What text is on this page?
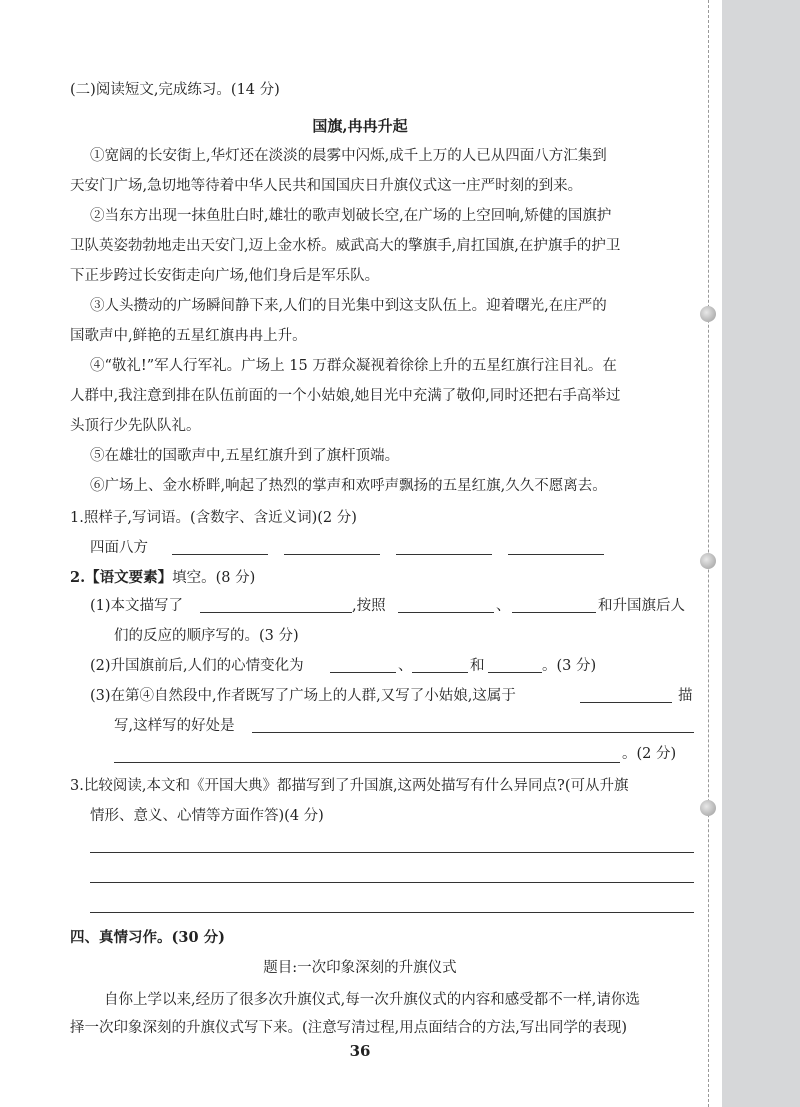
(二)阅读短文,完成练习。(14 分)
国旗,冉冉升起
①宽阔的长安街上,华灯还在淡淡的晨雾中闪烁,成千上万的人已从四面八方汇集到
天安门广场,急切地等待着中华人民共和国国庆日升旗仪式这一庄严时刻的到来。
②当东方出现一抹鱼肚白时,雄壮的歌声划破长空,在广场的上空回响,矫健的国旗护
卫队英姿勃勃地走出天安门,迈上金水桥。威武高大的擎旗手,肩扛国旗,在护旗手的护卫
下正步跨过长安街走向广场,他们身后是军乐队。
③人头攒动的广场瞬间静下来,人们的目光集中到这支队伍上。迎着曙光,在庄严的
国歌声中,鲜艳的五星红旗冉冉上升。
④“敬礼!”军人行军礼。广场上 15 万群众凝视着徐徐上升的五星红旗行注目礼。在
人群中,我注意到排在队伍前面的一个小姑娘,她目光中充满了敬仰,同时还把右手高举过
头顶行少先队队礼。
⑤在雄壮的国歌声中,五星红旗升到了旗杆顶端。
⑥广场上、金水桥畔,响起了热烈的掌声和欢呼声飘扬的五星红旗,久久不愿离去。
1.照样子,写词语。(含数字、含近义词)(2 分)
四面八方
2.【语文要素】填空。(8 分)
(1)本文描写了	,按照	、	和升国旗后人
们的反应的顺序写的。(3 分)
(2)升国旗前后,人们的心情变化为	、	和	。(3 分)
(3)在第④自然段中,作者既写了广场上的人群,又写了小姑娘,这属于	描
写,这样写的好处是
。(2 分)
3.比较阅读,本文和《开国大典》都描写到了升国旗,这两处描写有什么异同点?(可从升旗
情形、意义、心情等方面作答)(4 分)
四、真情习作。(30 分)
题目:一次印象深刻的升旗仪式
自你上学以来,经历了很多次升旗仪式,每一次升旗仪式的内容和感受都不一样,请你选
择一次印象深刻的升旗仪式写下来。(注意写清过程,用点面结合的方法,写出同学的表现)
36
